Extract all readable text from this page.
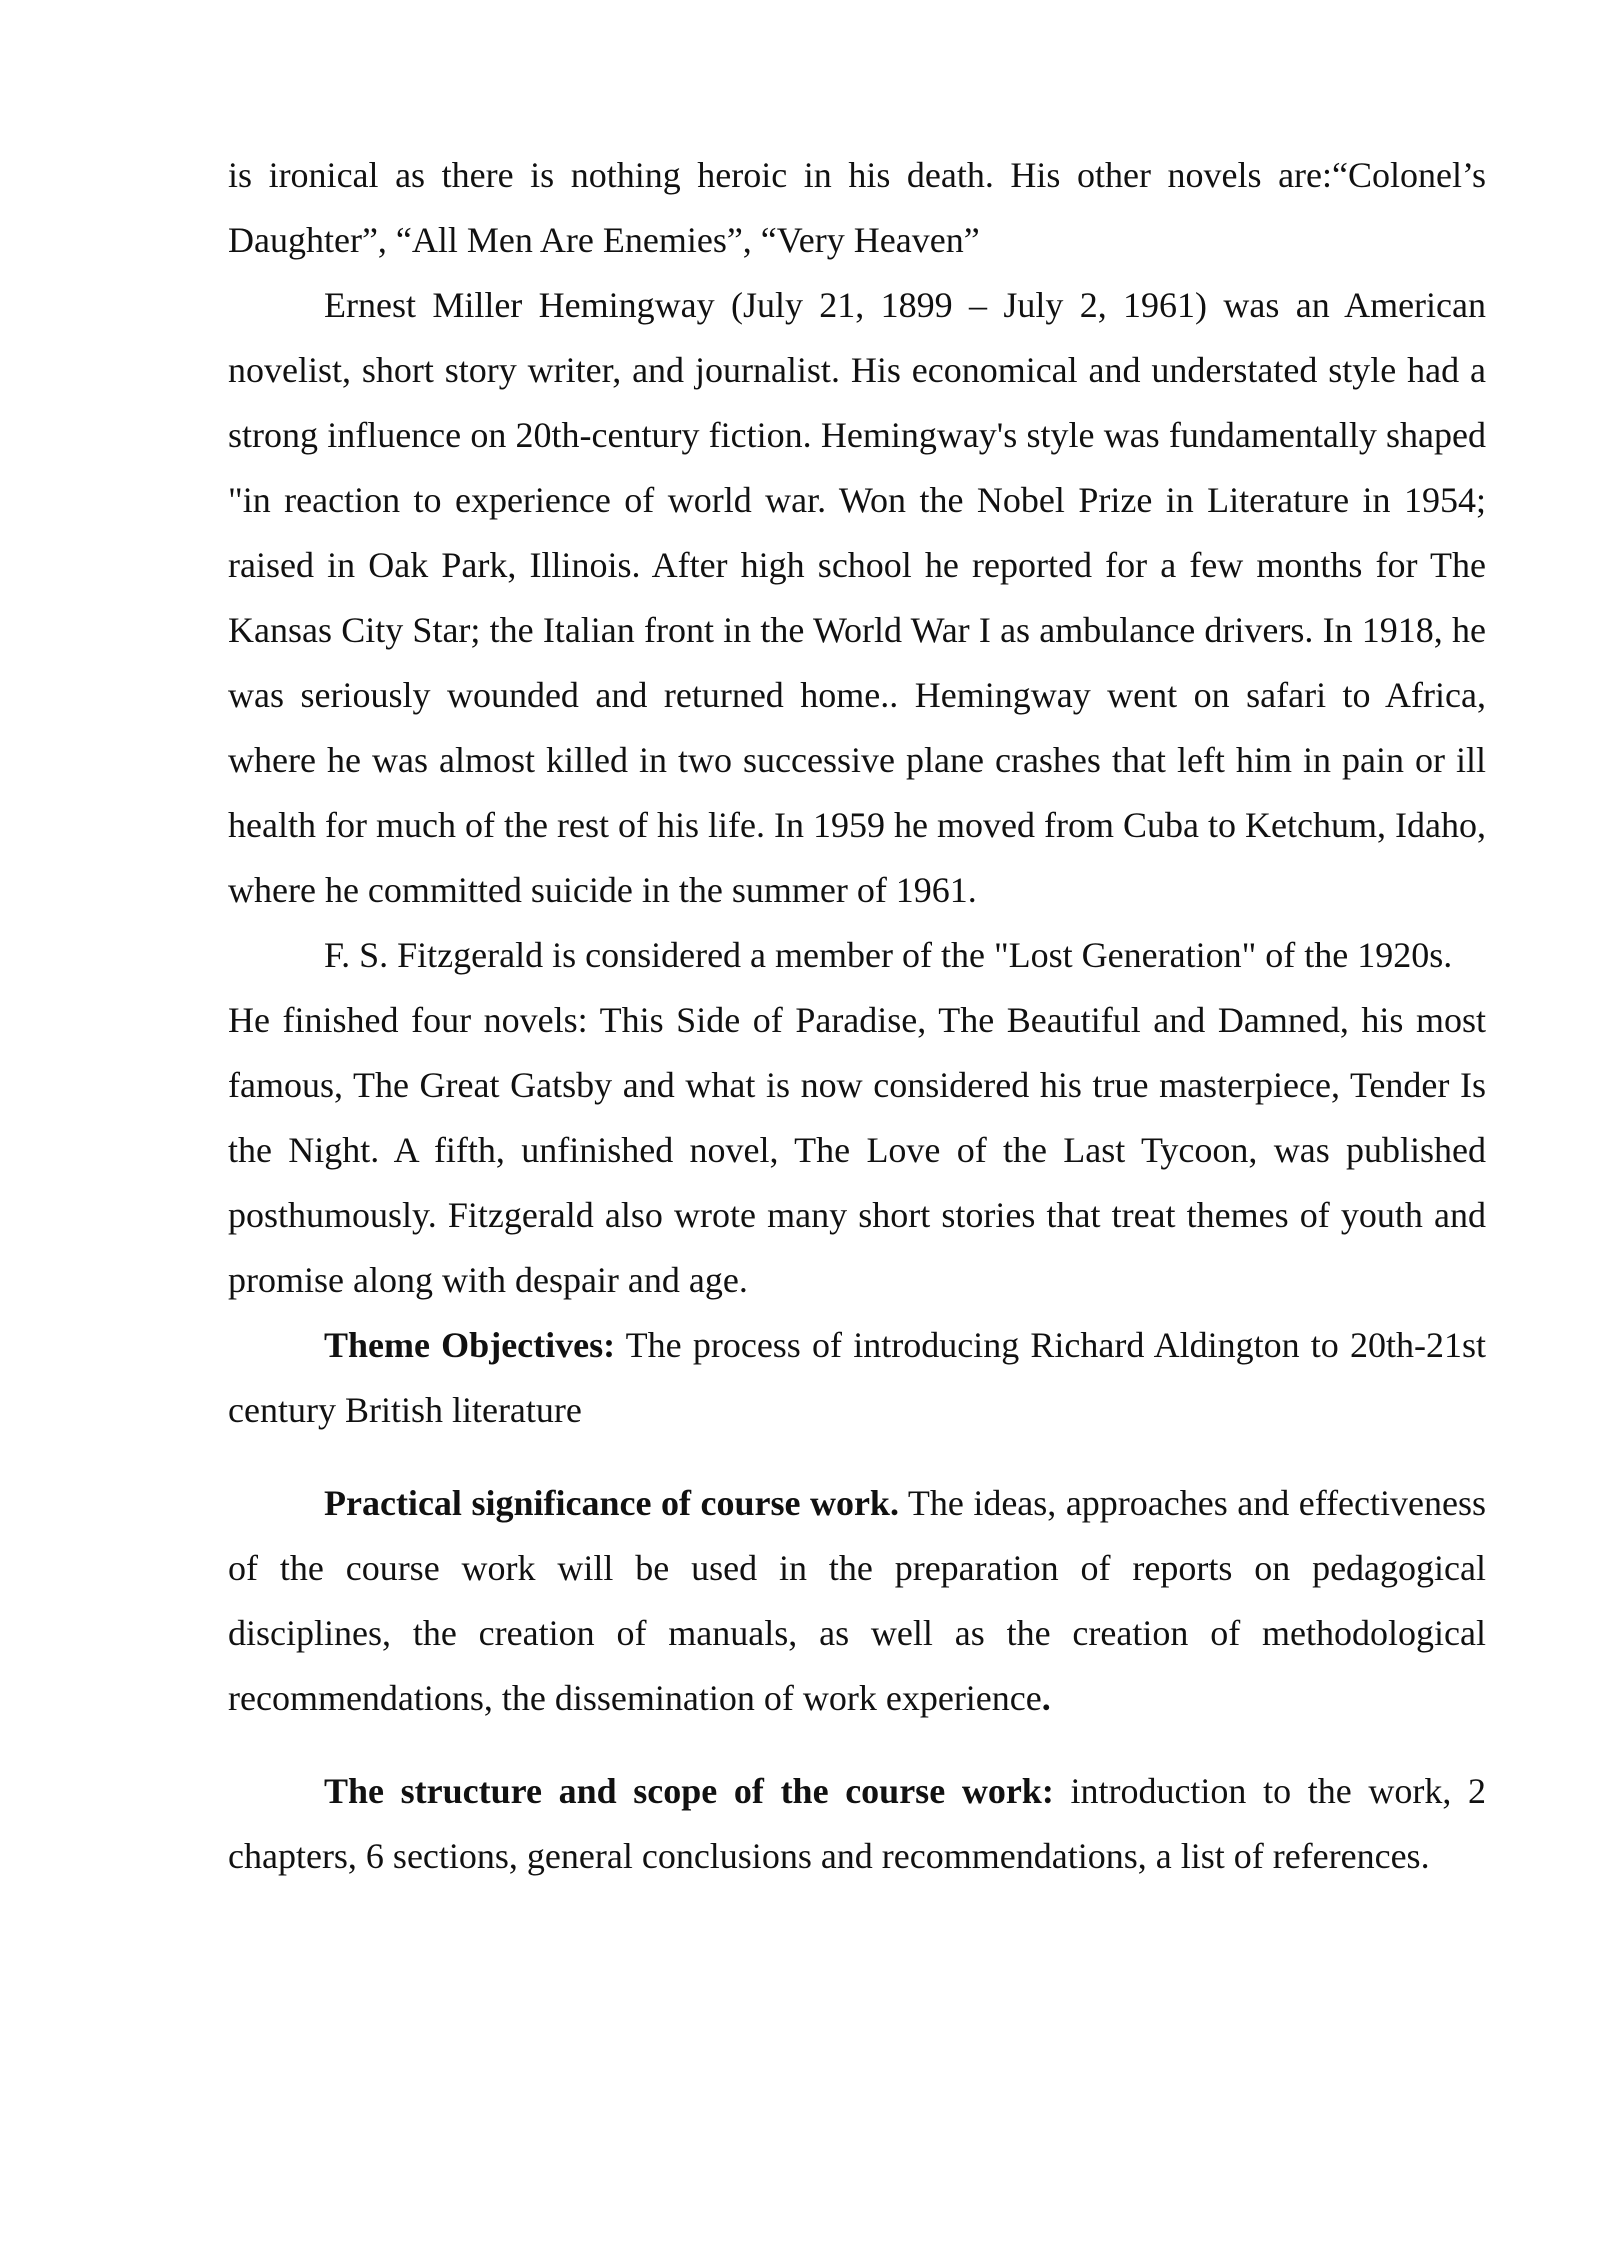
is ironical as there is nothing heroic in his death. His other novels are:“Colonel’s Daughter”, “All Men Are Enemies”, “Very Heaven”

Ernest Miller Hemingway (July 21, 1899 – July 2, 1961) was an American novelist, short story writer, and journalist. His economical and understated style had a strong influence on 20th-century fiction. Hemingway's style was fundamentally shaped "in reaction to experience of world war. Won the Nobel Prize in Literature in 1954; raised in Oak Park, Illinois. After high school he reported for a few months for The Kansas City Star; the Italian front in the World War I as ambulance drivers. In 1918, he was seriously wounded and returned home.. Hemingway went on safari to Africa, where he was almost killed in two successive plane crashes that left him in pain or ill health for much of the rest of his life. In 1959 he moved from Cuba to Ketchum, Idaho, where he committed suicide in the summer of 1961.

F. S. Fitzgerald is considered a member of the "Lost Generation" of the 1920s.
He finished four novels: This Side of Paradise, The Beautiful and Damned, his most famous, The Great Gatsby and what is now considered his true masterpiece, Tender Is the Night. A fifth, unfinished novel, The Love of the Last Tycoon, was published posthumously. Fitzgerald also wrote many short stories that treat themes of youth and promise along with despair and age.

Theme Objectives: The process of introducing Richard Aldington to 20th-21st century British literature

Practical significance of course work. The ideas, approaches and effectiveness of the course work will be used in the preparation of reports on pedagogical disciplines, the creation of manuals, as well as the creation of methodological recommendations, the dissemination of work experience.

The structure and scope of the course work: introduction to the work, 2 chapters, 6 sections, general conclusions and recommendations, a list of references.
